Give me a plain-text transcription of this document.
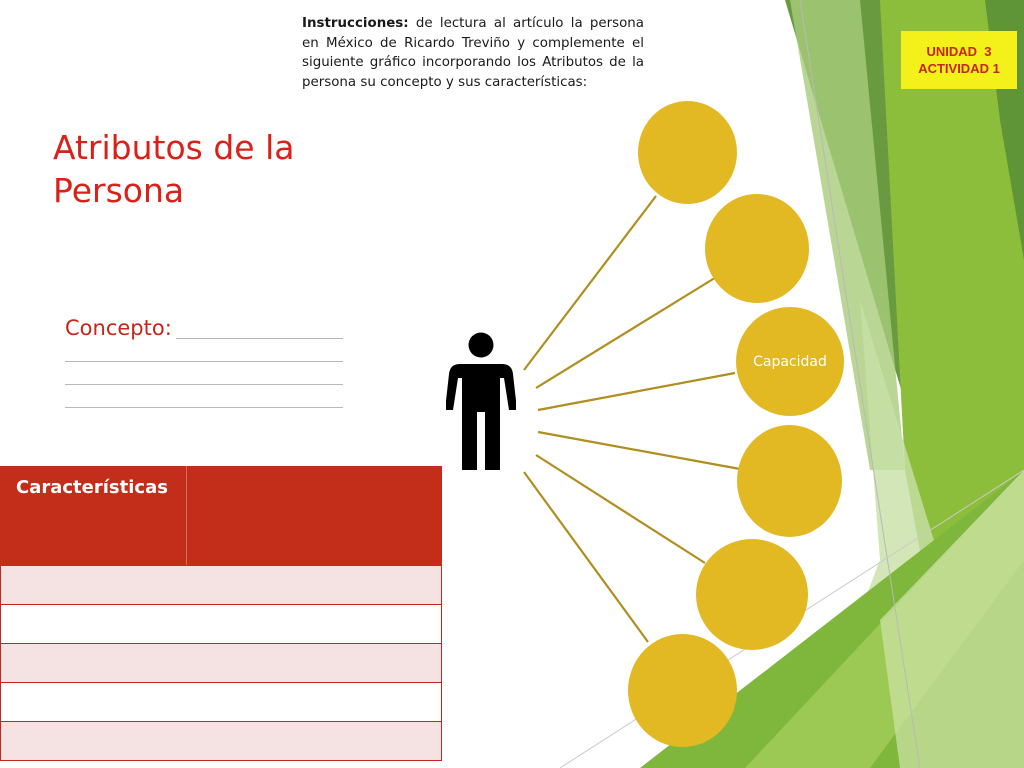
Instrucciones: de lectura al artículo la persona en México de Ricardo Treviño y complemente el siguiente gráfico incorporando los Atributos de la persona su concepto y sus características:
UNIDAD  3
ACTIVIDAD 1
Atributos de la
Persona
Concepto:
Características

Capacidad
